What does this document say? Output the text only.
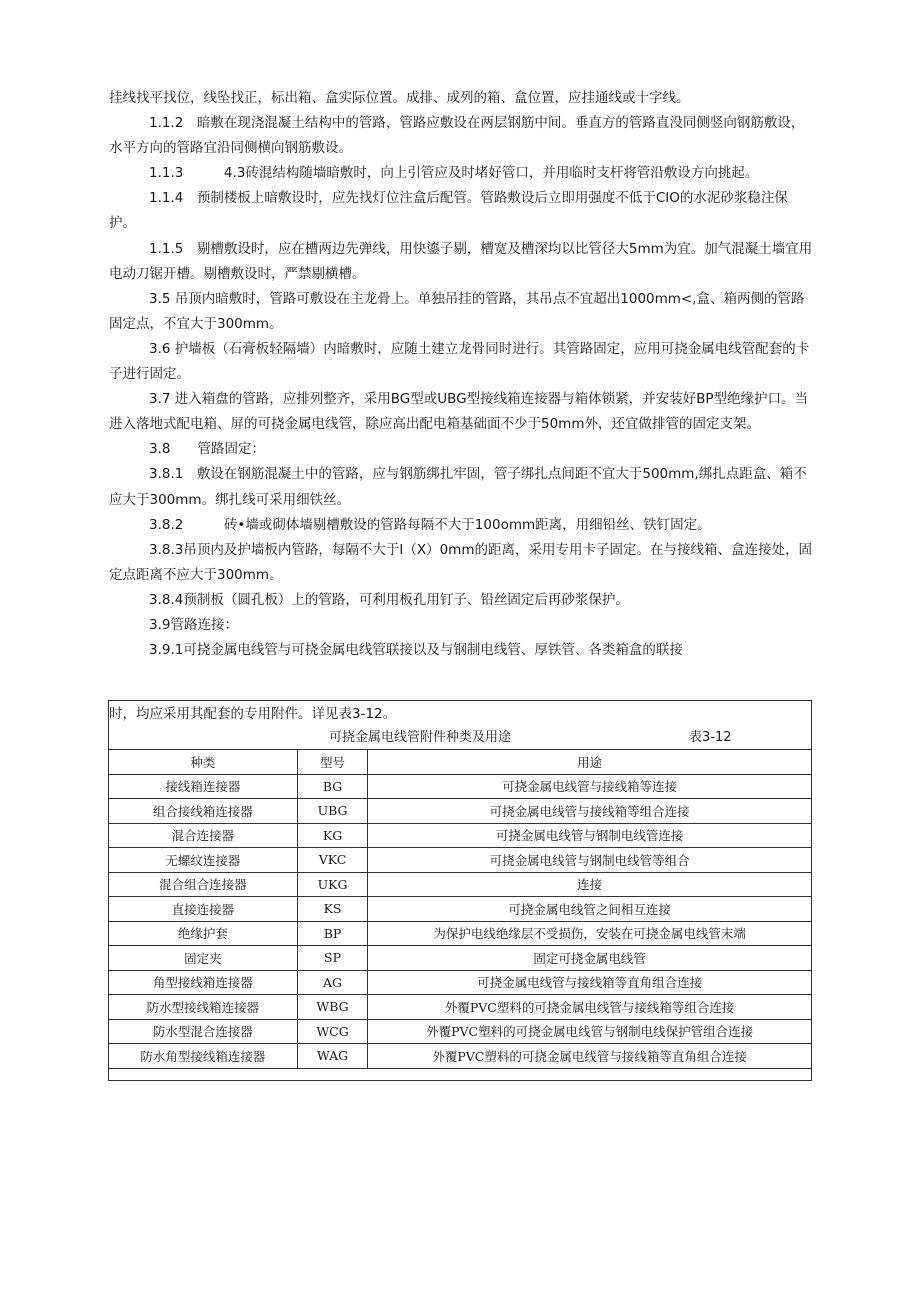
挂线找平找位，线坠找正，标出箱、盒实际位置。成排、成列的箱、盒位置，应挂通线或十字线。

1.1.2　暗敷在现浇混凝土结构中的管路，管路应敷设在两层钢筋中间。垂直方的管路直没同侧竖向钢筋敷设，水平方向的管路宜沿同侧横向钢筋敷设。

1.1.3　　　4.3砖混结构随墙暗敷时，向上引管应及时堵好管口，并用临时支杆将管沿敷设方向挑起。

1.1.4　预制楼板上暗敷设时，应先找灯位注盒后配管。管路敷设后立即用强度不低于CIO的水泥砂浆稳注保护。

1.1.5　剔槽敷设时，应在槽两边先弹线，用快鎏子剔，槽宽及槽深均以比管径大5mm为宜。加气混凝土墙宜用电动刀锯开槽。剔槽敷设时，严禁剔横槽。

3.5 吊顶内暗敷时，管路可敷设在主龙骨上。单独吊挂的管路，其吊点不宜超出1000mm<,盒、箱两侧的管路固定点，不宜大于300mm。

3.6 护墙板（石膏板轻隔墙）内暗敷时，应随土建立龙骨同时进行。其管路固定，应用可挠金属电线管配套的卡子进行固定。

3.7 进入箱盘的管路，应排列整齐，采用BG型或UBG型接线箱连接器与箱体锁紧，并安装好BP型绝缘护口。当进入落地式配电箱、屏的可挠金属电线管，除应高出配电箱基础面不少于50mm外，还宜做排管的固定支架。

3.8　　管路固定：

3.8.1　敷设在钢筋混凝土中的管路，应与钢筋绑扎牢固，管子绑扎点间距不宜大于500mm,绑扎点距盒、箱不应大于300mm。绑扎线可采用细铁丝。

3.8.2　　　砖•墙或砌体墙剔槽敷设的管路每隔不大于100omm距离，用细铅丝、铁钉固定。

3.8.3吊顶内及护墙板内管路，每隔不大于I（X）0mm的距离，采用专用卡子固定。在与接线箱、盒连接处，固定点距离不应大于300mm。

3.8.4预制板（圆孔板）上的管路，可利用板孔用钉子、铅丝固定后再砂浆保护。

3.9管路连接：

3.9.1可挠金属电线管与可挠金属电线管联接以及与钢制电线管、厚铁管、各类箱盒的联接

时，均应采用其配套的专用附件。详见表3-12。
可挠金属电线管附件种类及用途	表3-12
种类	型号	用途
接线箱连接器	BG	可挠金属电线管与接线箱等连接
组合接线箱连接器	UBG	可挠金属电线管与接线箱等组合连接
混合连接器	KG	可挠金属电线管与钢制电线管连接
无螺纹连接器	VKC	可挠金属电线管与钢制电线管等组合
混合组合连接器	UKG	连接
直接连接器	KS	可挠金属电线管之间相互连接
绝缘护套	BP	为保护电线绝缘层不受损伤，安装在可挠金属电线管末端
固定夹	SP	固定可挠金属电线管
角型接线箱连接器	AG	可挠金属电线管与接线箱等直角组合连接
防水型接线箱连接器	WBG	外覆PVC塑料的可挠金属电线管与接线箱等组合连接
防水型混合连接器	WCG	外覆PVC塑料的可挠金属电线管与钢制电线保护管组合连接
防水角型接线箱连接器	WAG	外覆PVC塑料的可挠金属电线管与接线箱等直角组合连接
